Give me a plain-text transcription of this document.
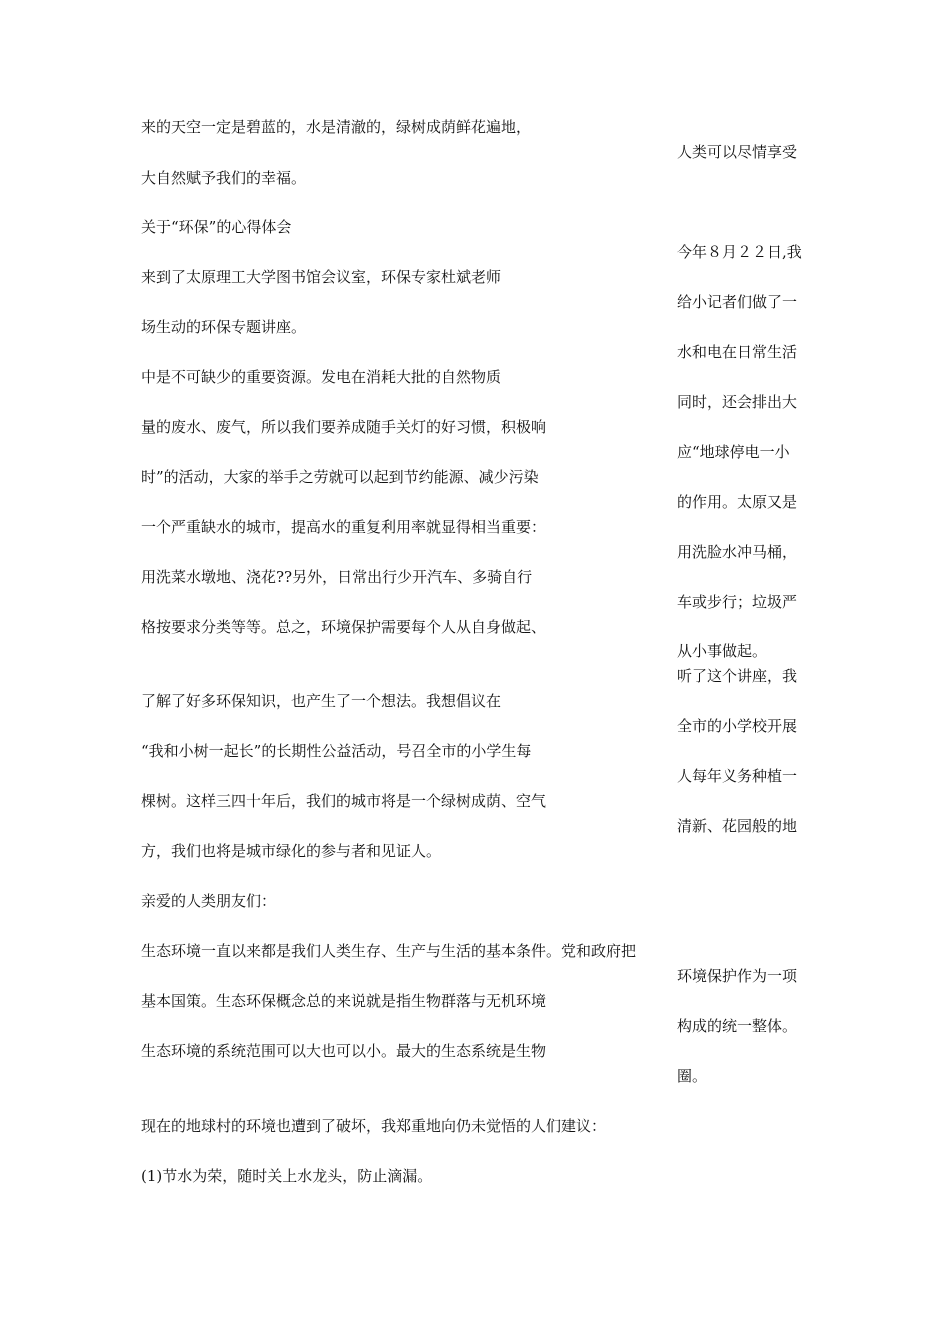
来的天空一定是碧蓝的，水是清澈的，绿树成荫鲜花遍地，
大自然赋予我们的幸福。
关于“环保”的心得体会
来到了太原理工大学图书馆会议室，环保专家杜斌老师
场生动的环保专题讲座。
中是不可缺少的重要资源。发电在消耗大批的自然物质
量的废水、废气，所以我们要养成随手关灯的好习惯，积极响
时”的活动，大家的举手之劳就可以起到节约能源、减少污染
一个严重缺水的城市，提高水的重复利用率就显得相当重要：
用洗菜水墩地、浇花??另外，日常出行少开汽车、多骑自行
格按要求分类等等。总之，环境保护需要每个人从自身做起、
了解了好多环保知识，也产生了一个想法。我想倡议在
“我和小树一起长”的长期性公益活动，号召全市的小学生每
棵树。这样三四十年后，我们的城市将是一个绿树成荫、空气
方，我们也将是城市绿化的参与者和见证人。
亲爱的人类朋友们：
生态环境一直以来都是我们人类生存、生产与生活的基本条件。党和政府把
基本国策。生态环保概念总的来说就是指生物群落与无机环境
生态环境的系统范围可以大也可以小。最大的生态系统是生物
现在的地球村的环境也遭到了破坏，我郑重地向仍未觉悟的人们建议：
(1)节水为荣，随时关上水龙头，防止滴漏。
人类可以尽情享受
今年８月２２日,我
给小记者们做了一
水和电在日常生活
同时，还会排出大
应“地球停电一小
的作用。太原又是
用洗脸水冲马桶，
车或步行；垃圾严
从小事做起。
听了这个讲座，我
全市的小学校开展
人每年义务种植一
清新、花园般的地
环境保护作为一项
构成的统一整体。
圈。
